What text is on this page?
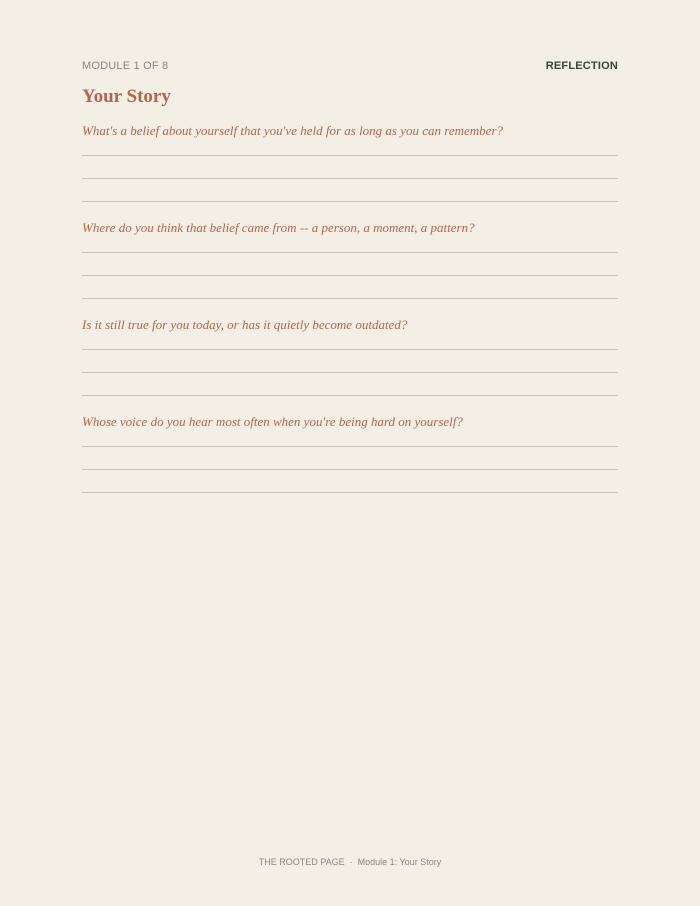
MODULE 1 OF 8	REFLECTION
Your Story
What's a belief about yourself that you've held for as long as you can remember?
Where do you think that belief came from -- a person, a moment, a pattern?
Is it still true for you today, or has it quietly become outdated?
Whose voice do you hear most often when you're being hard on yourself?
THE ROOTED PAGE · Module 1: Your Story
